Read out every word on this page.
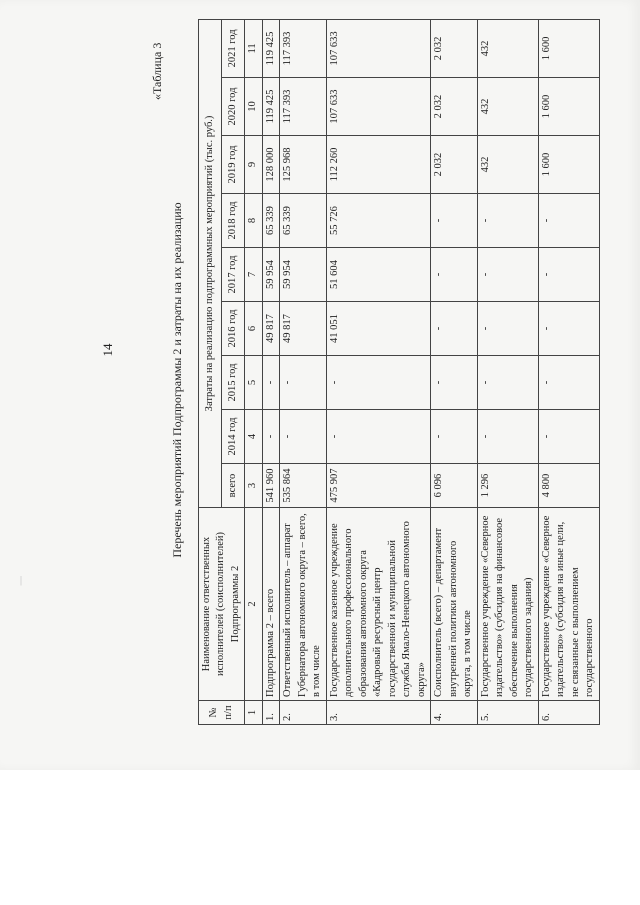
|
14
«Таблица 3
Перечень мероприятий Подпрограммы 2 и затраты на их реализацию
№ п/п	Наименование ответственных исполнителей (соисполнителей) Подпрограммы 2	Затраты на реализацию подпрограммных мероприятий (тыс. руб.)								
		всего	2014 год	2015 год	2016 год	2017 год	2018 год	2019 год	2020 год	2021 год
1	2	3	4	5	6	7	8	9	10	11
1.	Подпрограмма 2 – всего	541 960	-	-	49 817	59 954	65 339	128 000	119 425	119 425
2.	Ответственный исполнитель – аппарат Губернатора автономного округа – всего, в том числе	535 864	-	-	49 817	59 954	65 339	125 968	117 393	117 393
3.	Государственное казенное учреждение дополнительного профессионального образования автономного округа «Кадровый ресурсный центр государственной и муниципальной службы Ямало-Ненецкого автономного округа»	475 907	-	-	41 051	51 604	55 726	112 260	107 633	107 633
4.	Соисполнитель (всего) – департамент внутренней политики автономного округа, в том числе	6 096	-	-	-	-	-	2 032	2 032	2 032
5.	Государственное учреждение «Северное издательство» (субсидия на финансовое обеспечение выполнения государственного задания)	1 296	-	-	-	-	-	432	432	432
6.	Государственное учреждение «Северное издательство» (субсидия на иные цели, не связанные с выполнением государственного	4 800	-	-	-	-	-	1 600	1 600	1 600
